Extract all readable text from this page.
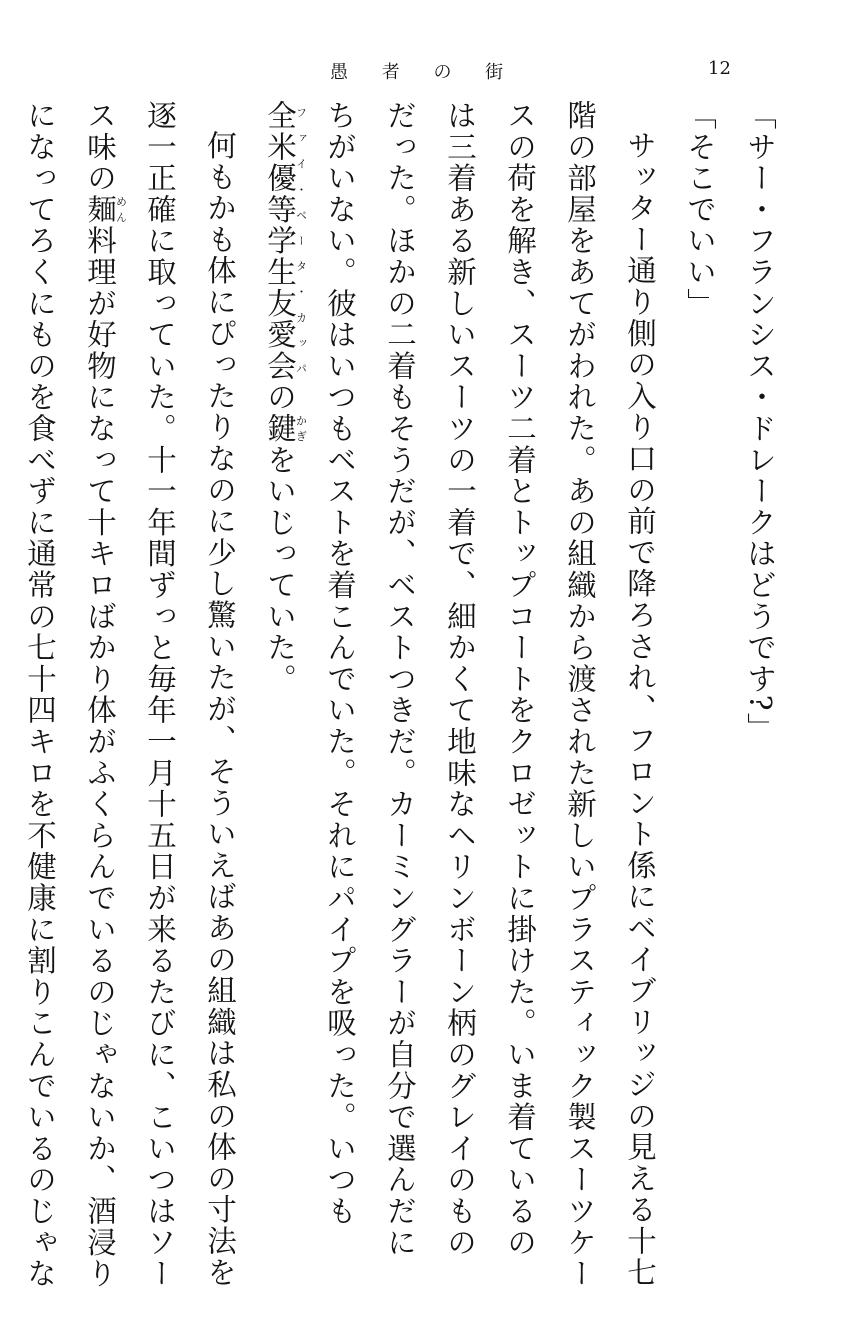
愚 者 の 街	12

「サー・フランシス・ドレークはどうです?」

「そこでいい」

サッター通り側の入り口の前で降ろされ、フロント係にベイブリッジの見える十七

階の部屋をあてがわれた。あの組織から渡された新しいプラスティック製スーツケー

スの荷を解き、スーツ二着とトップコートをクロゼットに掛けた。いま着ているの

は三着ある新しいスーツの一着で、細かくて地味なヘリンボーン柄のグレイのもの

だった。ほかの二着もそうだが、ベストつきだ。カーミングラーが自分で選んだに

ちがいない。彼はいつもベストを着こんでいた。それにパイプを吸った。いつも

全米優等学生友愛会ファイ・ベータ・カッパの鍵かぎをいじっていた。

何もかも体にぴったりなのに少し驚いたが、そういえばあの組織は私の体の寸法を

逐一正確に取っていた。十一年間ずっと毎年一月十五日が来るたびに、こいつはソー

ス味の麺めん料理が好物になって十キロばかり体がふくらんでいるのじゃないか、酒浸り

になってろくにものを食べずに通常の七十四キロを不健康に割りこんでいるのじゃな
